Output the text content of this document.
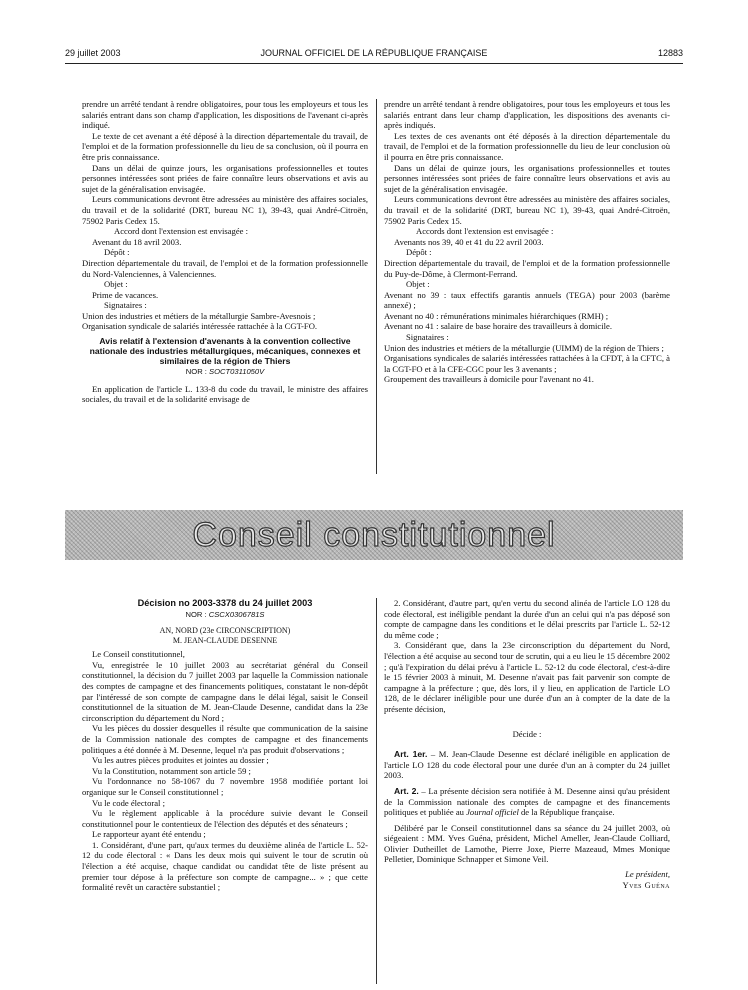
29 juillet 2003	JOURNAL OFFICIEL DE LA RÉPUBLIQUE FRANÇAISE	12883

prendre un arrêté tendant à rendre obligatoires, pour tous les employeurs et tous les salariés entrant dans son champ d'application, les dispositions de l'avenant ci-après indiqué.

Le texte de cet avenant a été déposé à la direction départementale du travail, de l'emploi et de la formation professionnelle du lieu de sa conclusion, où il pourra en être pris connaissance.

Dans un délai de quinze jours, les organisations professionnelles et toutes personnes intéressées sont priées de faire connaître leurs observations et avis au sujet de la généralisation envisagée.

Leurs communications devront être adressées au ministère des affaires sociales, du travail et de la solidarité (DRT, bureau NC 1), 39-43, quai André-Citroën, 75902 Paris Cedex 15.

Accord dont l'extension est envisagée :

Avenant du 18 avril 2003.

Dépôt :

Direction départementale du travail, de l'emploi et de la formation professionnelle du Nord-Valenciennes, à Valenciennes.

Objet :

Prime de vacances.

Signataires :

Union des industries et métiers de la métallurgie Sambre-Avesnois ;

Organisation syndicale de salariés intéressée rattachée à la CGT-FO.

Avis relatif à l'extension d'avenants à la convention collective nationale des industries métallurgiques, mécaniques, connexes et similaires de la région de Thiers
NOR : SOCT0311050V

En application de l'article L. 133-8 du code du travail, le ministre des affaires sociales, du travail et de la solidarité envisage de

prendre un arrêté tendant à rendre obligatoires, pour tous les employeurs et tous les salariés entrant dans leur champ d'application, les dispositions des avenants ci-après indiqués.

Les textes de ces avenants ont été déposés à la direction départementale du travail, de l'emploi et de la formation professionnelle du lieu de leur conclusion où il pourra en être pris connaissance.

Dans un délai de quinze jours, les organisations professionnelles et toutes personnes intéressées sont priées de faire connaître leurs observations et avis au sujet de la généralisation envisagée.

Leurs communications devront être adressées au ministère des affaires sociales, du travail et de la solidarité (DRT, bureau NC 1), 39-43, quai André-Citroën, 75902 Paris Cedex 15.

Accords dont l'extension est envisagée :

Avenants nos 39, 40 et 41 du 22 avril 2003.

Dépôt :

Direction départementale du travail, de l'emploi et de la formation professionnelle du Puy-de-Dôme, à Clermont-Ferrand.

Objet :

Avenant no 39 : taux effectifs garantis annuels (TEGA) pour 2003 (barème annexé) ;

Avenant no 40 : rémunérations minimales hiérarchiques (RMH) ;

Avenant no 41 : salaire de base horaire des travailleurs à domicile.

Signataires :

Union des industries et métiers de la métallurgie (UIMM) de la région de Thiers ;

Organisations syndicales de salariés intéressées rattachées à la CFDT, à la CFTC, à la CGT-FO et à la CFE-CGC pour les 3 avenants ;

Groupement des travailleurs à domicile pour l'avenant no 41.

Conseil constitutionnel
Décision no 2003-3378 du 24 juillet 2003
NOR : CSCX0306781S
AN, NORD (23e CIRCONSCRIPTION)
M. JEAN-CLAUDE DESENNE

Le Conseil constitutionnel,

Vu, enregistrée le 10 juillet 2003 au secrétariat général du Conseil constitutionnel, la décision du 7 juillet 2003 par laquelle la Commission nationale des comptes de campagne et des financements politiques, constatant le non-dépôt par l'intéressé de son compte de campagne dans le délai légal, saisit le Conseil constitutionnel de la situation de M. Jean-Claude Desenne, candidat dans la 23e circonscription du département du Nord ;

Vu les pièces du dossier desquelles il résulte que communication de la saisine de la Commission nationale des comptes de campagne et des financements politiques a été donnée à M. Desenne, lequel n'a pas produit d'observations ;

Vu les autres pièces produites et jointes au dossier ;

Vu la Constitution, notamment son article 59 ;

Vu l'ordonnance no 58-1067 du 7 novembre 1958 modifiée portant loi organique sur le Conseil constitutionnel ;

Vu le code électoral ;

Vu le règlement applicable à la procédure suivie devant le Conseil constitutionnel pour le contentieux de l'élection des députés et des sénateurs ;

Le rapporteur ayant été entendu ;

1. Considérant, d'une part, qu'aux termes du deuxième alinéa de l'article L. 52-12 du code électoral : « Dans les deux mois qui suivent le tour de scrutin où l'élection a été acquise, chaque candidat ou candidat tête de liste présent au premier tour dépose à la préfecture son compte de campagne... » ; que cette formalité revêt un caractère substantiel ;

2. Considérant, d'autre part, qu'en vertu du second alinéa de l'article LO 128 du code électoral, est inéligible pendant la durée d'un an celui qui n'a pas déposé son compte de campagne dans les conditions et le délai prescrits par l'article L. 52-12 du même code ;

3. Considérant que, dans la 23e circonscription du département du Nord, l'élection a été acquise au second tour de scrutin, qui a eu lieu le 15 décembre 2002 ; qu'à l'expiration du délai prévu à l'article L. 52-12 du code électoral, c'est-à-dire le 15 février 2003 à minuit, M. Desenne n'avait pas fait parvenir son compte de campagne à la préfecture ; que, dès lors, il y lieu, en application de l'article LO 128, de le déclarer inéligible pour une durée d'un an à compter de la date de la présente décision,

Décide :

Art. 1er. – M. Jean-Claude Desenne est déclaré inéligible en application de l'article LO 128 du code électoral pour une durée d'un an à compter du 24 juillet 2003.

Art. 2. – La présente décision sera notifiée à M. Desenne ainsi qu'au président de la Commission nationale des comptes de campagne et des financements politiques et publiée au Journal officiel de la République française.

Délibéré par le Conseil constitutionnel dans sa séance du 24 juillet 2003, où siégeaient : MM. Yves Guéna, président, Michel Ameller, Jean-Claude Colliard, Olivier Dutheillet de Lamothe, Pierre Joxe, Pierre Mazeaud, Mmes Monique Pelletier, Dominique Schnapper et Simone Veil.

Le président,
Yves Guéna
